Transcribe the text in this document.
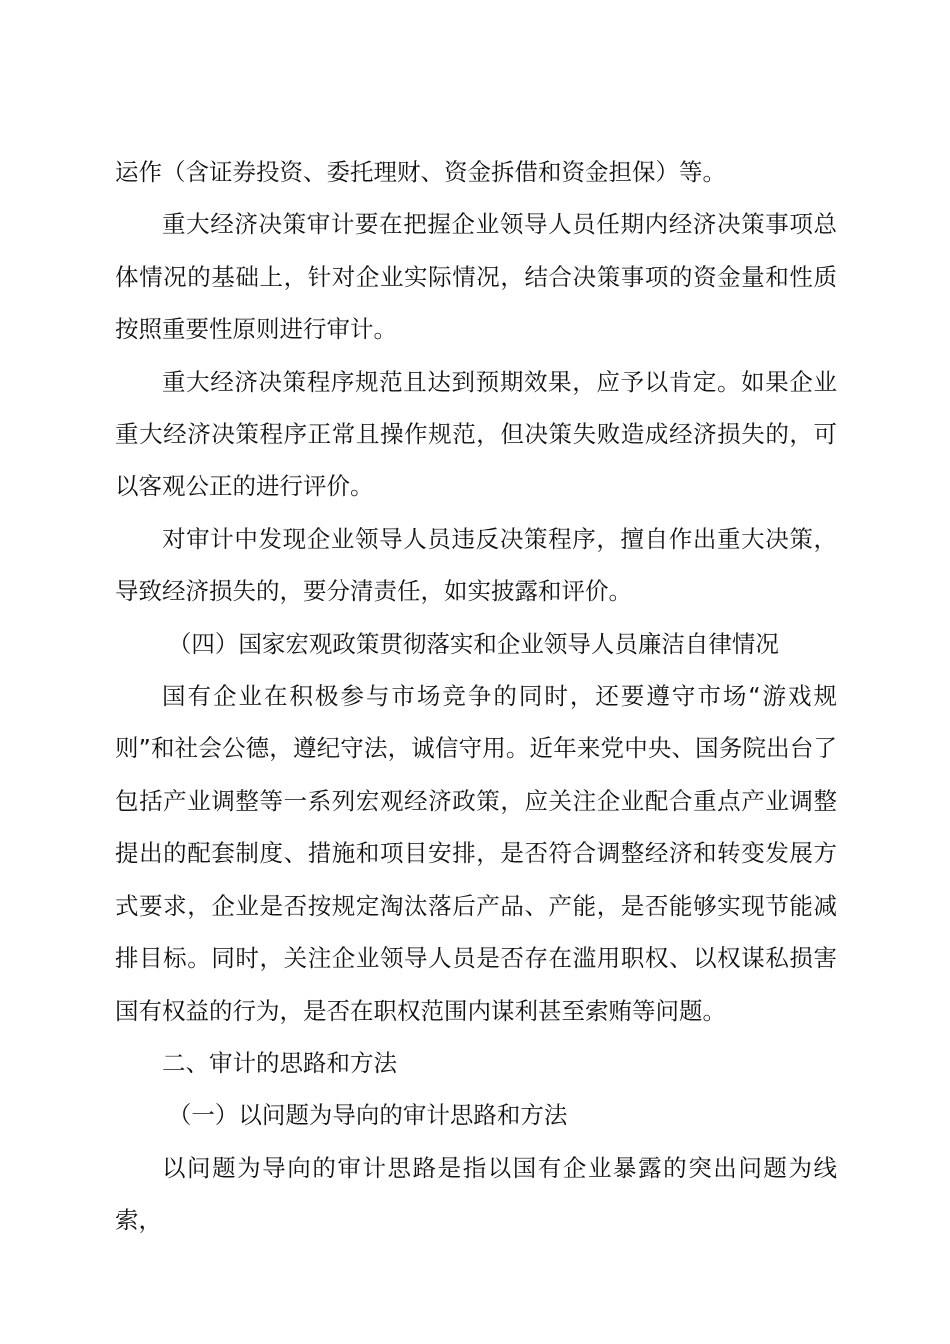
运作（含证券投资、委托理财、资金拆借和资金担保）等。

重大经济决策审计要在把握企业领导人员任期内经济决策事项总体情况的基础上，针对企业实际情况，结合决策事项的资金量和性质按照重要性原则进行审计。

重大经济决策程序规范且达到预期效果，应予以肯定。如果企业重大经济决策程序正常且操作规范，但决策失败造成经济损失的，可以客观公正的进行评价。

对审计中发现企业领导人员违反决策程序，擅自作出重大决策，导致经济损失的，要分清责任，如实披露和评价。

（四）国家宏观政策贯彻落实和企业领导人员廉洁自律情况

国有企业在积极参与市场竞争的同时，还要遵守市场“游戏规则”和社会公德，遵纪守法，诚信守用。近年来党中央、国务院出台了包括产业调整等一系列宏观经济政策，应关注企业配合重点产业调整提出的配套制度、措施和项目安排，是否符合调整经济和转变发展方式要求，企业是否按规定淘汰落后产品、产能，是否能够实现节能减排目标。同时，关注企业领导人员是否存在滥用职权、以权谋私损害国有权益的行为，是否在职权范围内谋利甚至索贿等问题。

二、审计的思路和方法

（一）以问题为导向的审计思路和方法

以问题为导向的审计思路是指以国有企业暴露的突出问题为线索，
